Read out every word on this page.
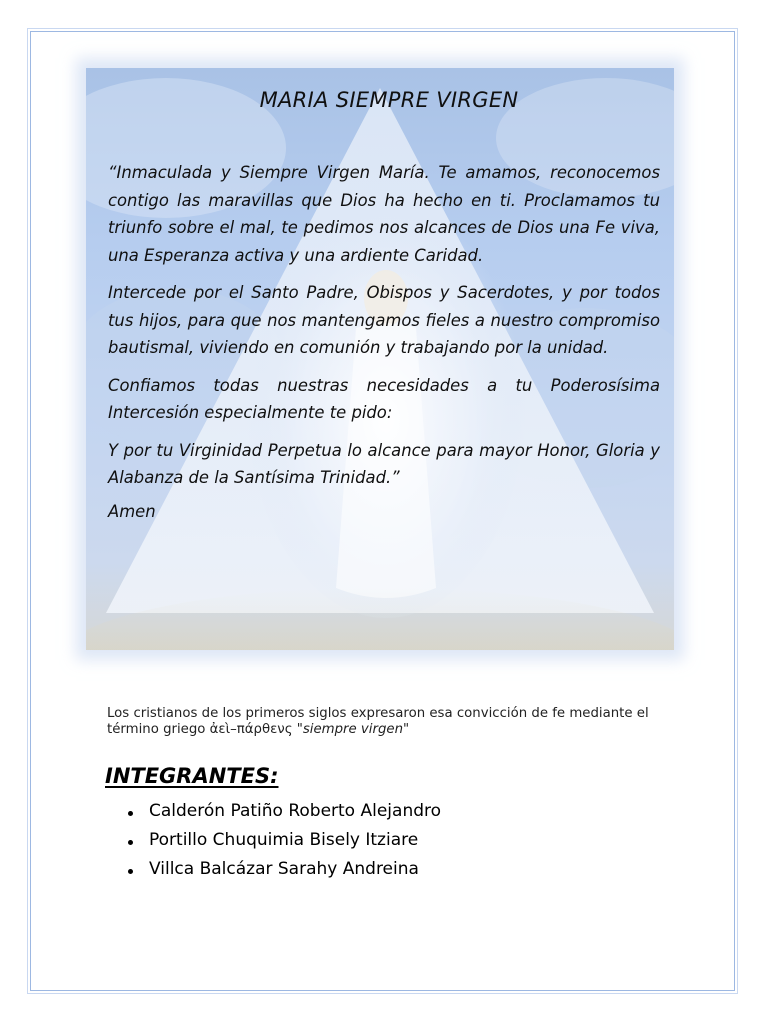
MARIA SIEMPRE VIRGEN

“Inmaculada y Siempre Virgen María. Te amamos, reconocemos contigo las maravillas que Dios ha hecho en ti. Proclamamos tu triunfo sobre el mal, te pedimos nos alcances de Dios una Fe viva, una Esperanza activa y una ardiente Caridad.

Intercede por el Santo Padre, Obispos y Sacerdotes, y por todos tus hijos, para que nos mantengamos fieles a nuestro compromiso bautismal, viviendo en comunión y trabajando por la unidad.

Confiamos todas nuestras necesidades a tu Poderosísima Intercesión especialmente te pido:

Y por tu Virginidad Perpetua lo alcance para mayor Honor, Gloria y Alabanza de la Santísima Trinidad.”

Amen

Los cristianos de los primeros siglos expresaron esa convicción de fe mediante el término griego ἀεὶ–πάρθενς "siempre virgen"

INTEGRANTES:
Calderón Patiño Roberto Alejandro
Portillo Chuquimia Bisely Itziare
Villca Balcázar Sarahy Andreina
